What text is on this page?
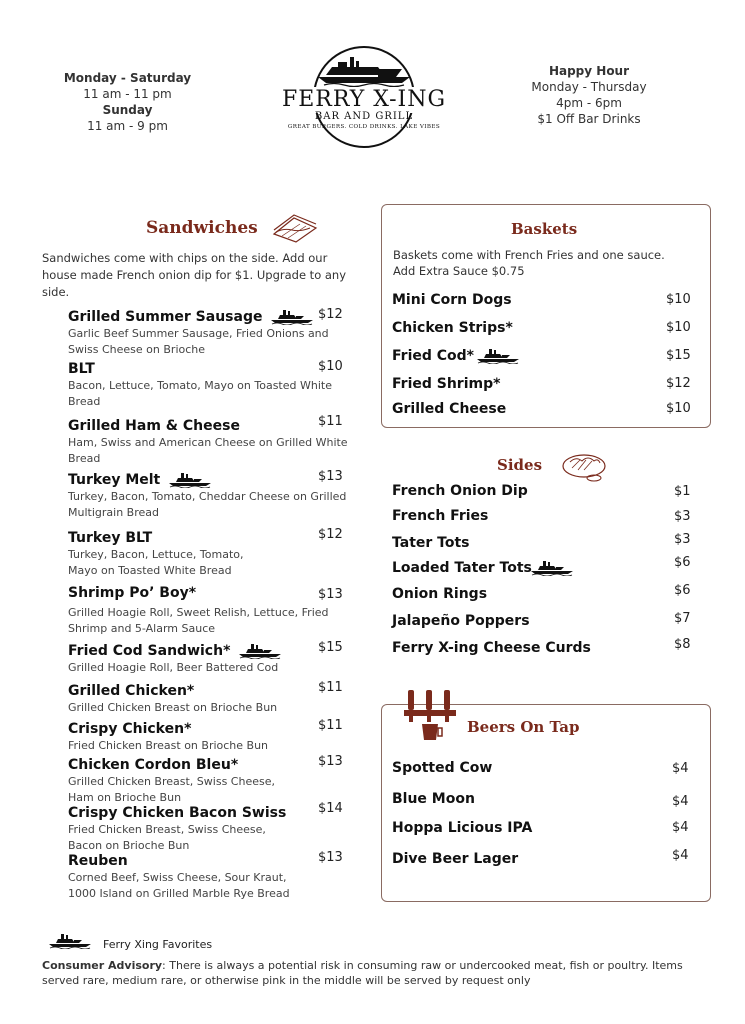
Monday - Saturday
11 am - 11 pm
Sunday
11 am - 9 pm
FERRY X-ING
BAR AND GRILL
GREAT BURGERS. COLD DRINKS. LAKE VIBES
Happy Hour
Monday - Thursday
4pm - 6pm
$1 Off Bar Drinks
Sandwiches
Sandwiches come with chips on the side. Add our house made French onion dip for $1. Upgrade to any side.
Grilled Summer Sausage
Garlic Beef Summer Sausage, Fried Onions and Swiss Cheese on Brioche
$12
BLT
Bacon, Lettuce, Tomato, Mayo on Toasted White Bread
$10
Grilled Ham & Cheese
Ham, Swiss and American Cheese on Grilled White Bread
$11
Turkey Melt
Turkey, Bacon, Tomato, Cheddar Cheese on Grilled Multigrain Bread
$13
Turkey BLT
Turkey, Bacon, Lettuce, Tomato, Mayo on Toasted White Bread
$12
Shrimp Po’ Boy*
Grilled Hoagie Roll, Sweet Relish, Lettuce, Fried Shrimp and 5-Alarm Sauce
$13
Fried Cod Sandwich*
Grilled Hoagie Roll, Beer Battered Cod
$15
Grilled Chicken*
Grilled Chicken Breast on Brioche Bun
$11
Crispy Chicken*
Fried Chicken Breast on Brioche Bun
$11
Chicken Cordon Bleu*
Grilled Chicken Breast, Swiss Cheese, Ham on Brioche Bun
$13
Crispy Chicken Bacon Swiss
Fried Chicken Breast, Swiss Cheese, Bacon on Brioche Bun
$14
Reuben
Corned Beef, Swiss Cheese, Sour Kraut, 1000 Island on Grilled Marble Rye Bread
$13
Baskets
Baskets come with French Fries and one sauce. Add Extra Sauce $0.75
Mini Corn Dogs	$10
Chicken Strips*	$10
Fried Cod*	$15
Fried Shrimp*	$12
Grilled Cheese	$10
Sides
French Onion Dip	$1
French Fries	$3
Tater Tots	$3
Loaded Tater Tots	$6
Onion Rings	$6
Jalapeño Poppers	$7
Ferry X-ing Cheese Curds	$8
Beers On Tap
Spotted Cow	$4
Blue Moon	$4
Hoppa Licious IPA	$4
Dive Beer Lager	$4
Ferry Xing Favorites
Consumer Advisory: There is always a potential risk in consuming raw or undercooked meat, fish or poultry. Items served rare, medium rare, or otherwise pink in the middle will be served by request only
